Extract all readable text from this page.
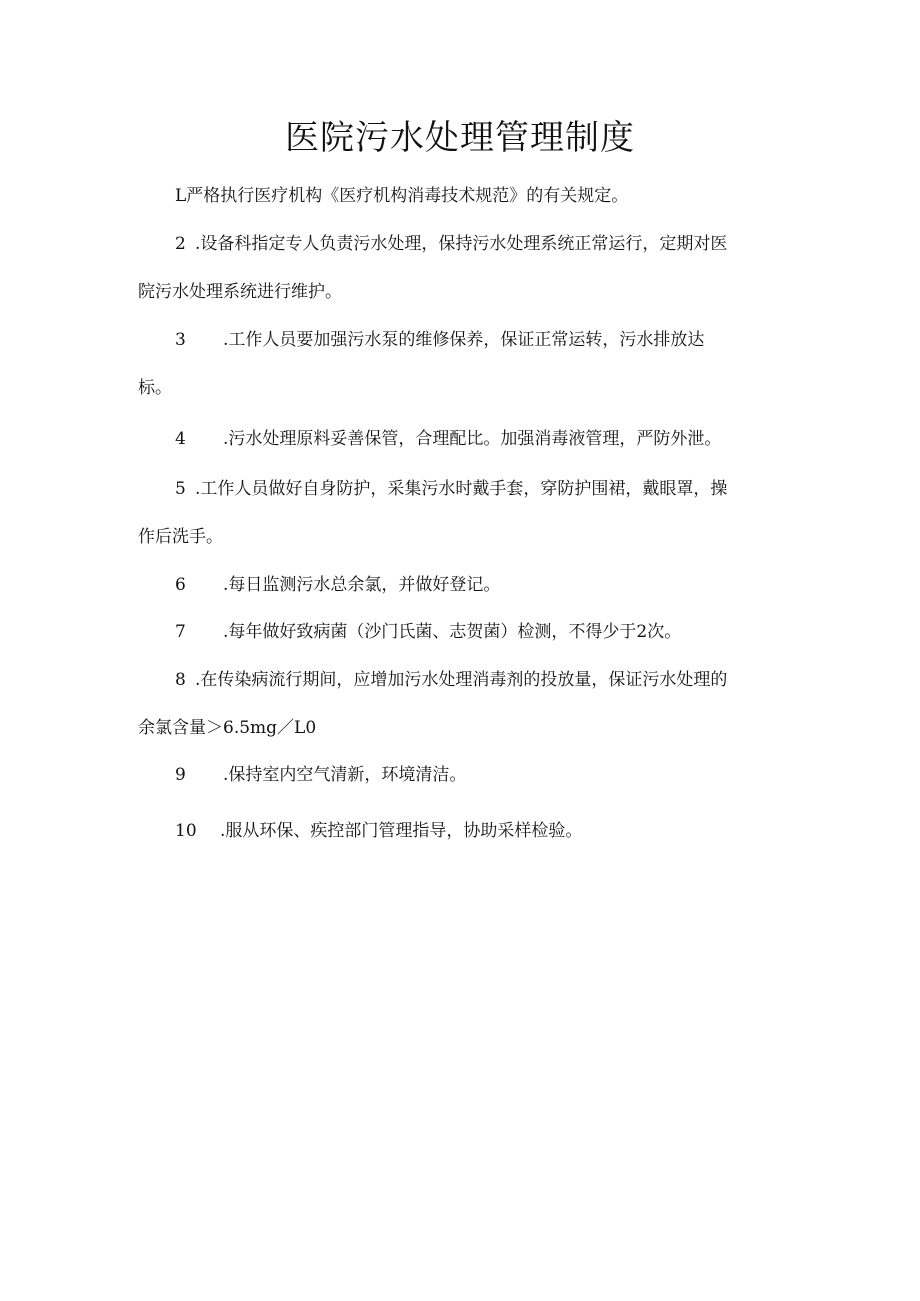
医院污水处理管理制度

L严格执行医疗机构《医疗机构消毒技术规范》的有关规定。

2 .设备科指定专人负责污水处理，保持污水处理系统正常运行，定期对医
院污水处理系统进行维护。

3 .工作人员要加强污水泵的维修保养，保证正常运转，污水排放达
标。

4 .污水处理原料妥善保管，合理配比。加强消毒液管理，严防外泄。

5 .工作人员做好自身防护，采集污水时戴手套，穿防护围裙，戴眼罩，操
作后洗手。

6 .每日监测污水总余氯，并做好登记。

7 .每年做好致病菌（沙门氏菌、志贺菌）检测，不得少于2次。

8 .在传染病流行期间，应增加污水处理消毒剂的投放量，保证污水处理的
余氯含量＞6.5mg／L0

9 .保持室内空气清新，环境清洁。

10 .服从环保、疾控部门管理指导，协助采样检验。
